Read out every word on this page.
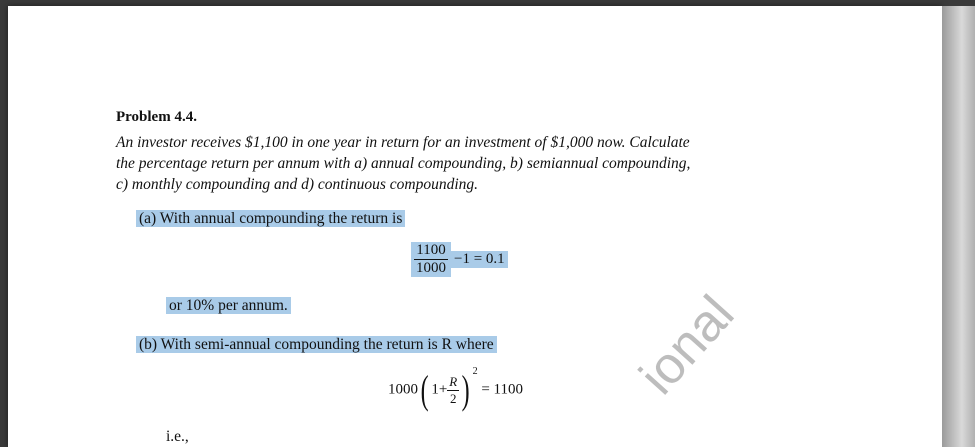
Problem 4.4.
An investor receives $1,100 in one year in return for an investment of $1,000 now. Calculate
the percentage return per annum with a) annual compounding, b) semiannual compounding,
c) monthly compounding and d) continuous compounding.
(a) With annual compounding the return is
$\frac{1100}{1000} -1 = 0.1$
or 10% per annum.
(b) With semi-annual compounding the return is R where
1000( $1+ \frac{R}{2}$ ) $^2$ = 1100
i.e.,
ional
